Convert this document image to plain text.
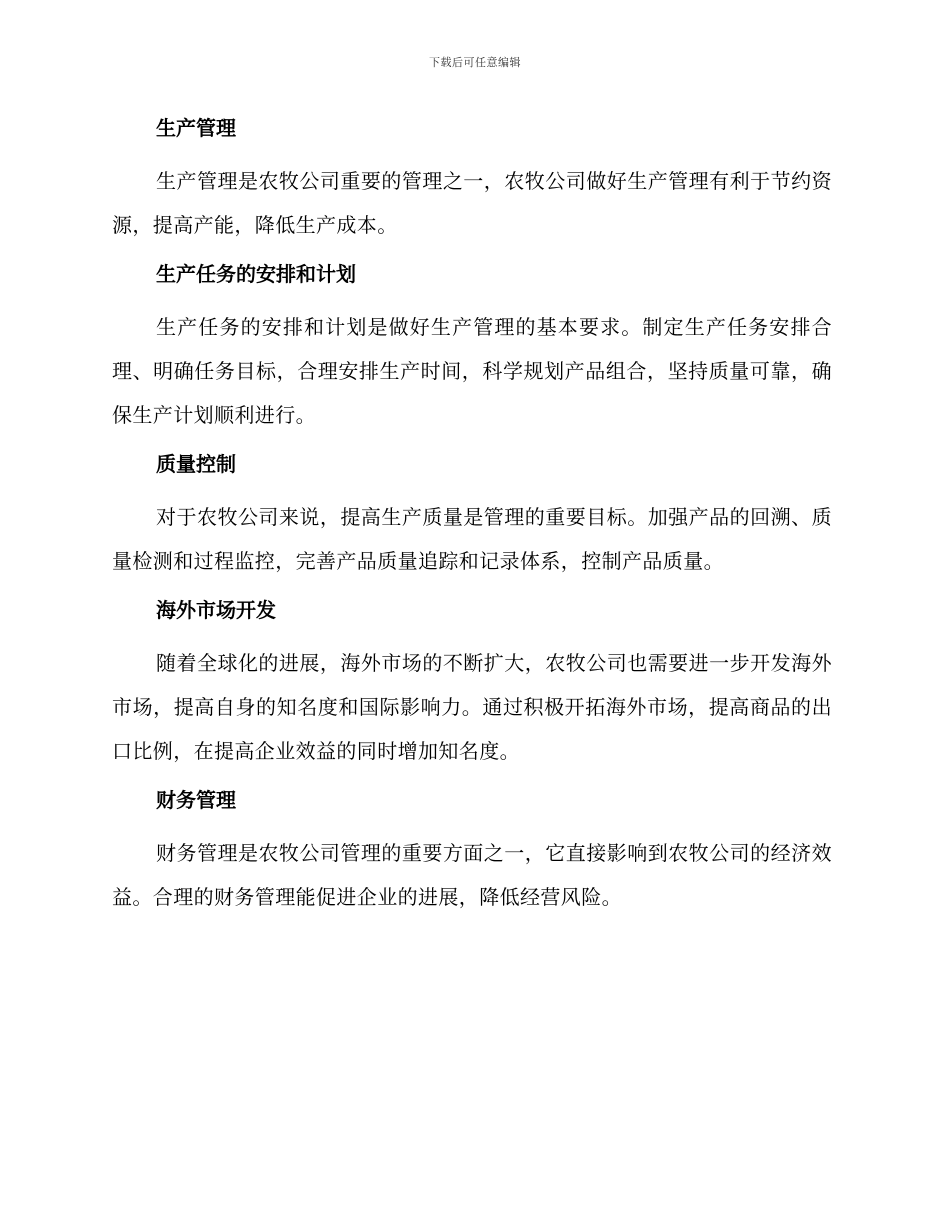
下载后可任意编辑
生产管理

生产管理是农牧公司重要的管理之一，农牧公司做好生产管理有利于节约资源，提高产能，降低生产成本。

生产任务的安排和计划

生产任务的安排和计划是做好生产管理的基本要求。制定生产任务安排合理、明确任务目标，合理安排生产时间，科学规划产品组合，坚持质量可靠，确保生产计划顺利进行。

质量控制

对于农牧公司来说，提高生产质量是管理的重要目标。加强产品的回溯、质量检测和过程监控，完善产品质量追踪和记录体系，控制产品质量。

海外市场开发

随着全球化的进展，海外市场的不断扩大，农牧公司也需要进一步开发海外市场，提高自身的知名度和国际影响力。通过积极开拓海外市场，提高商品的出口比例，在提高企业效益的同时增加知名度。

财务管理

财务管理是农牧公司管理的重要方面之一，它直接影响到农牧公司的经济效益。合理的财务管理能促进企业的进展，降低经营风险。
